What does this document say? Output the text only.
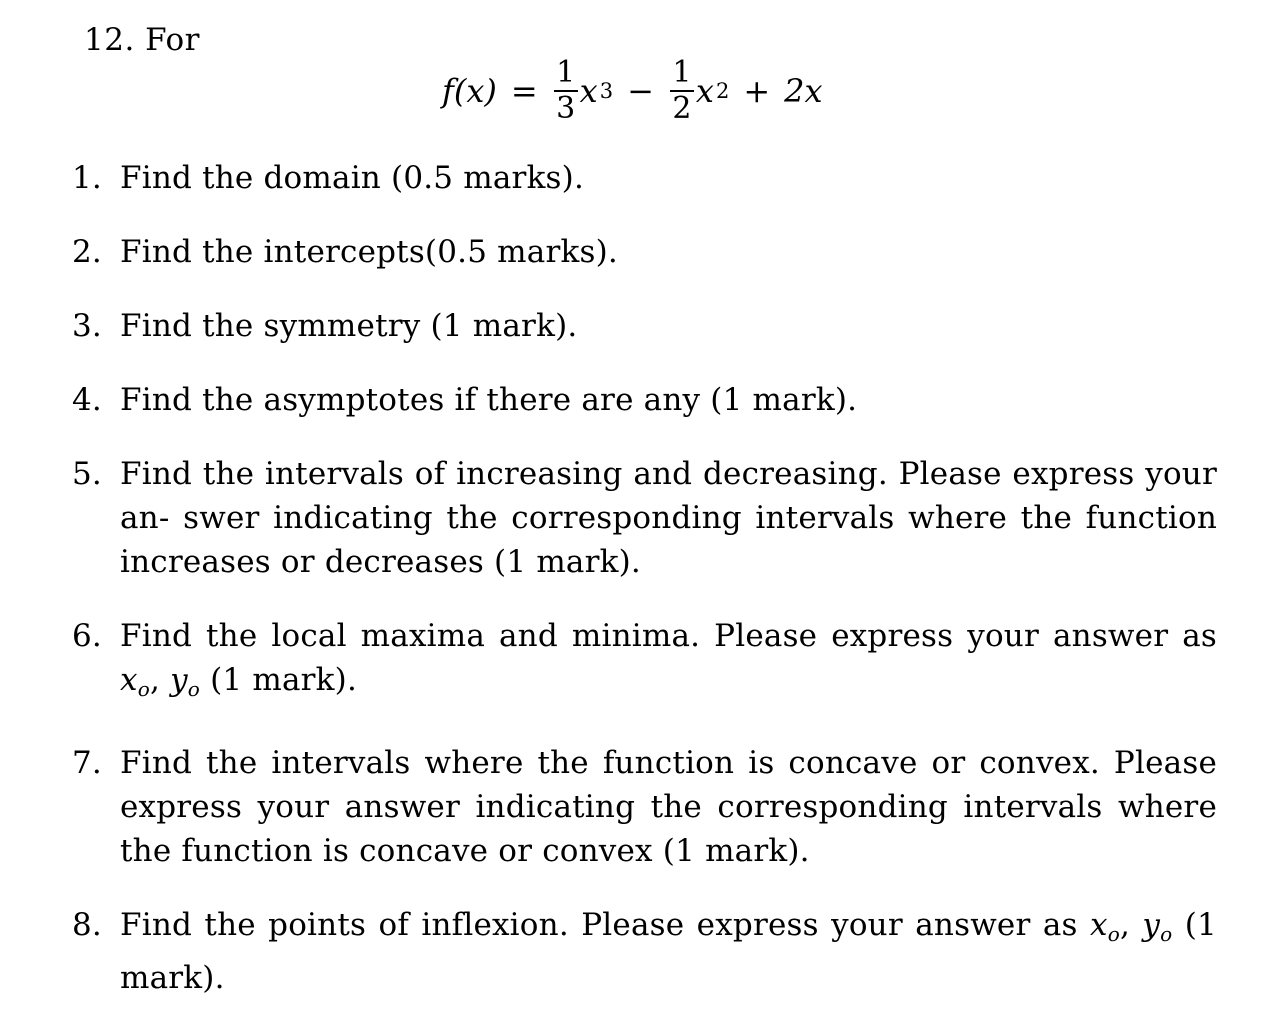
12. For
$f(x) = \frac{1}{3}$ x $3 - \frac{1}{2}$ x 2 + 2x
1. Find the domain (0.5 marks).
2. Find the intercepts(0.5 marks).
3. Find the symmetry (1 mark).
4. Find the asymptotes if there are any (1 mark).
5. Find the intervals of increasing and decreasing. Please express your an- swer indicating the corresponding intervals where the function increases or decreases (1 mark).
6. Find the local maxima and minima. Please express your answer as $x_o$, $y_o$ (1 mark).
7. Find the intervals where the function is concave or convex. Please express your answer indicating the corresponding intervals where the function is concave or convex (1 mark).
8. Find the points of inflexion. Please express your answer as $x_o$, $y_o$ (1 mark).
